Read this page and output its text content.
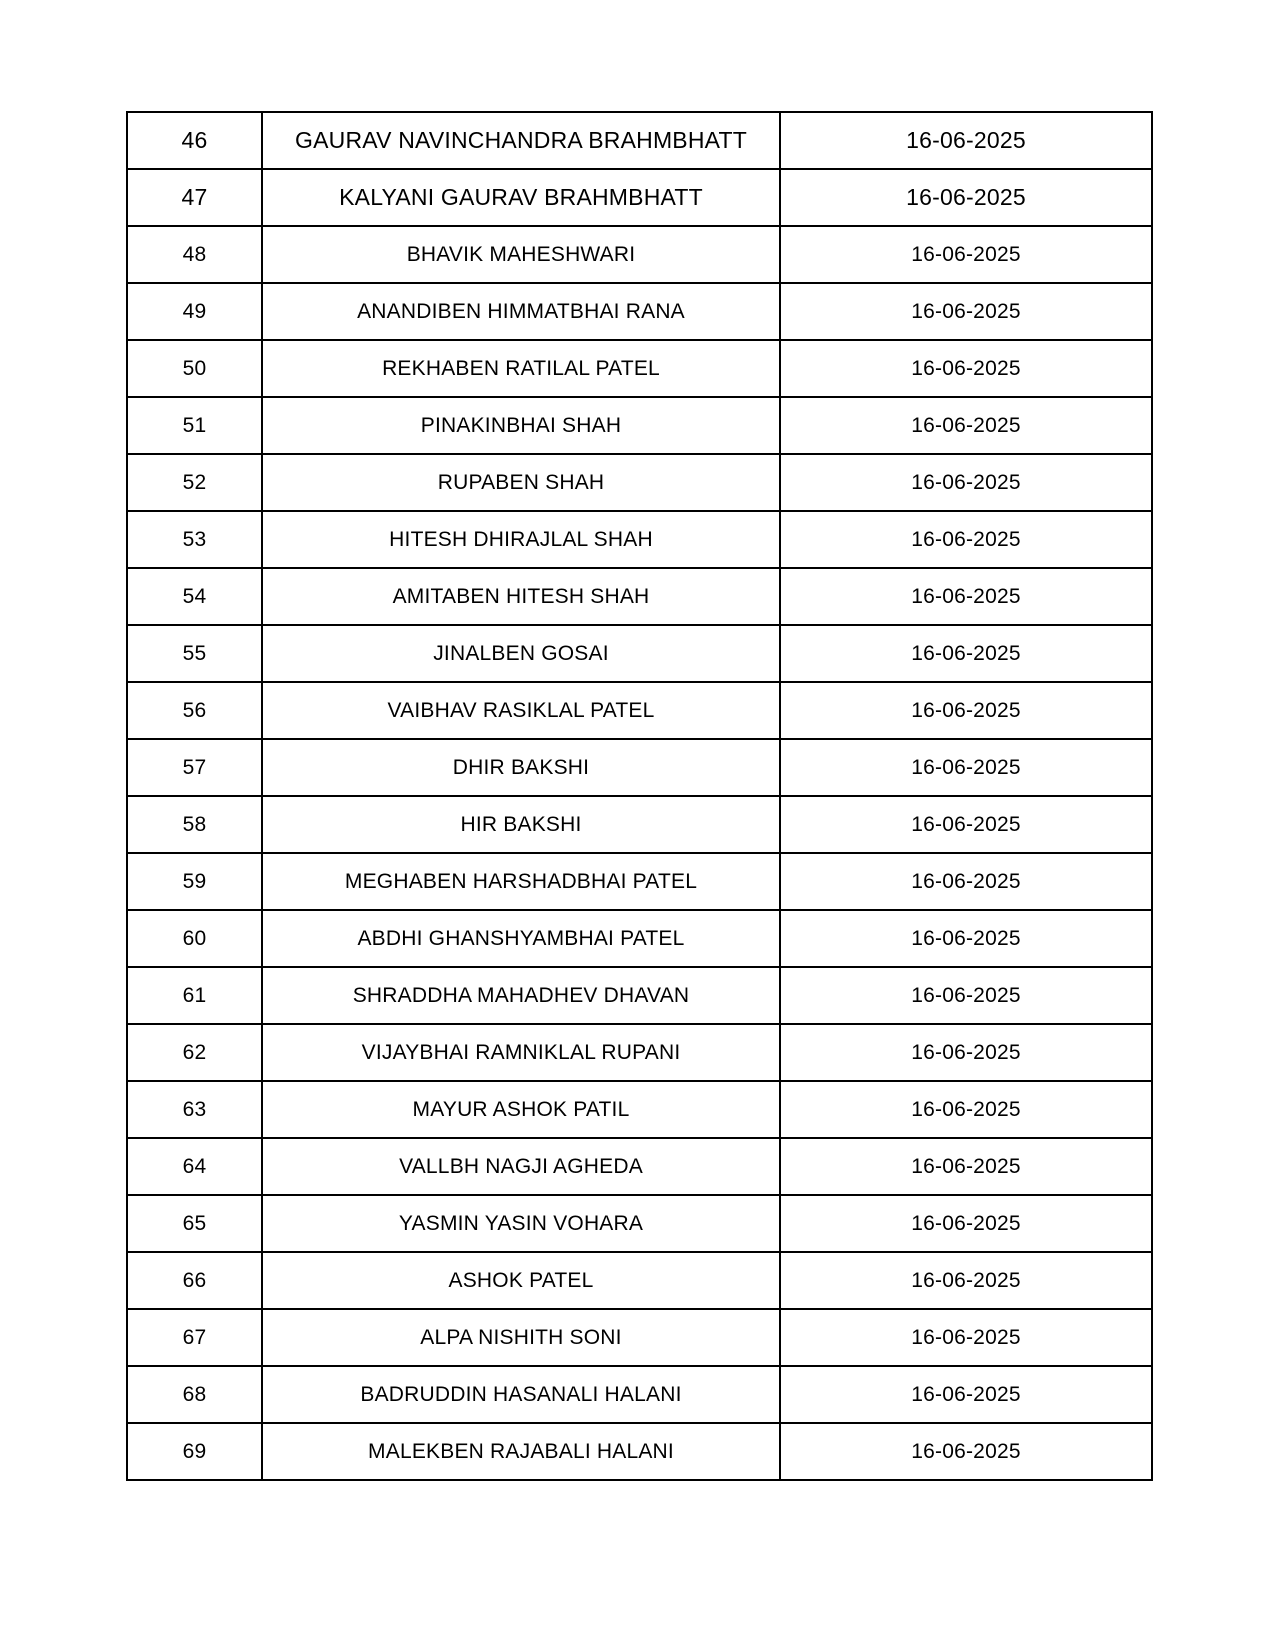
46	GAURAV NAVINCHANDRA BRAHMBHATT	16-06-2025
47	KALYANI GAURAV BRAHMBHATT	16-06-2025
48	BHAVIK MAHESHWARI	16-06-2025
49	ANANDIBEN HIMMATBHAI RANA	16-06-2025
50	REKHABEN RATILAL PATEL	16-06-2025
51	PINAKINBHAI SHAH	16-06-2025
52	RUPABEN SHAH	16-06-2025
53	HITESH DHIRAJLAL SHAH	16-06-2025
54	AMITABEN HITESH SHAH	16-06-2025
55	JINALBEN GOSAI	16-06-2025
56	VAIBHAV RASIKLAL PATEL	16-06-2025
57	DHIR BAKSHI	16-06-2025
58	HIR BAKSHI	16-06-2025
59	MEGHABEN HARSHADBHAI PATEL	16-06-2025
60	ABDHI GHANSHYAMBHAI PATEL	16-06-2025
61	SHRADDHA MAHADHEV DHAVAN	16-06-2025
62	VIJAYBHAI RAMNIKLAL RUPANI	16-06-2025
63	MAYUR ASHOK PATIL	16-06-2025
64	VALLBH NAGJI AGHEDA	16-06-2025
65	YASMIN YASIN VOHARA	16-06-2025
66	ASHOK PATEL	16-06-2025
67	ALPA NISHITH SONI	16-06-2025
68	BADRUDDIN HASANALI HALANI	16-06-2025
69	MALEKBEN RAJABALI HALANI	16-06-2025
